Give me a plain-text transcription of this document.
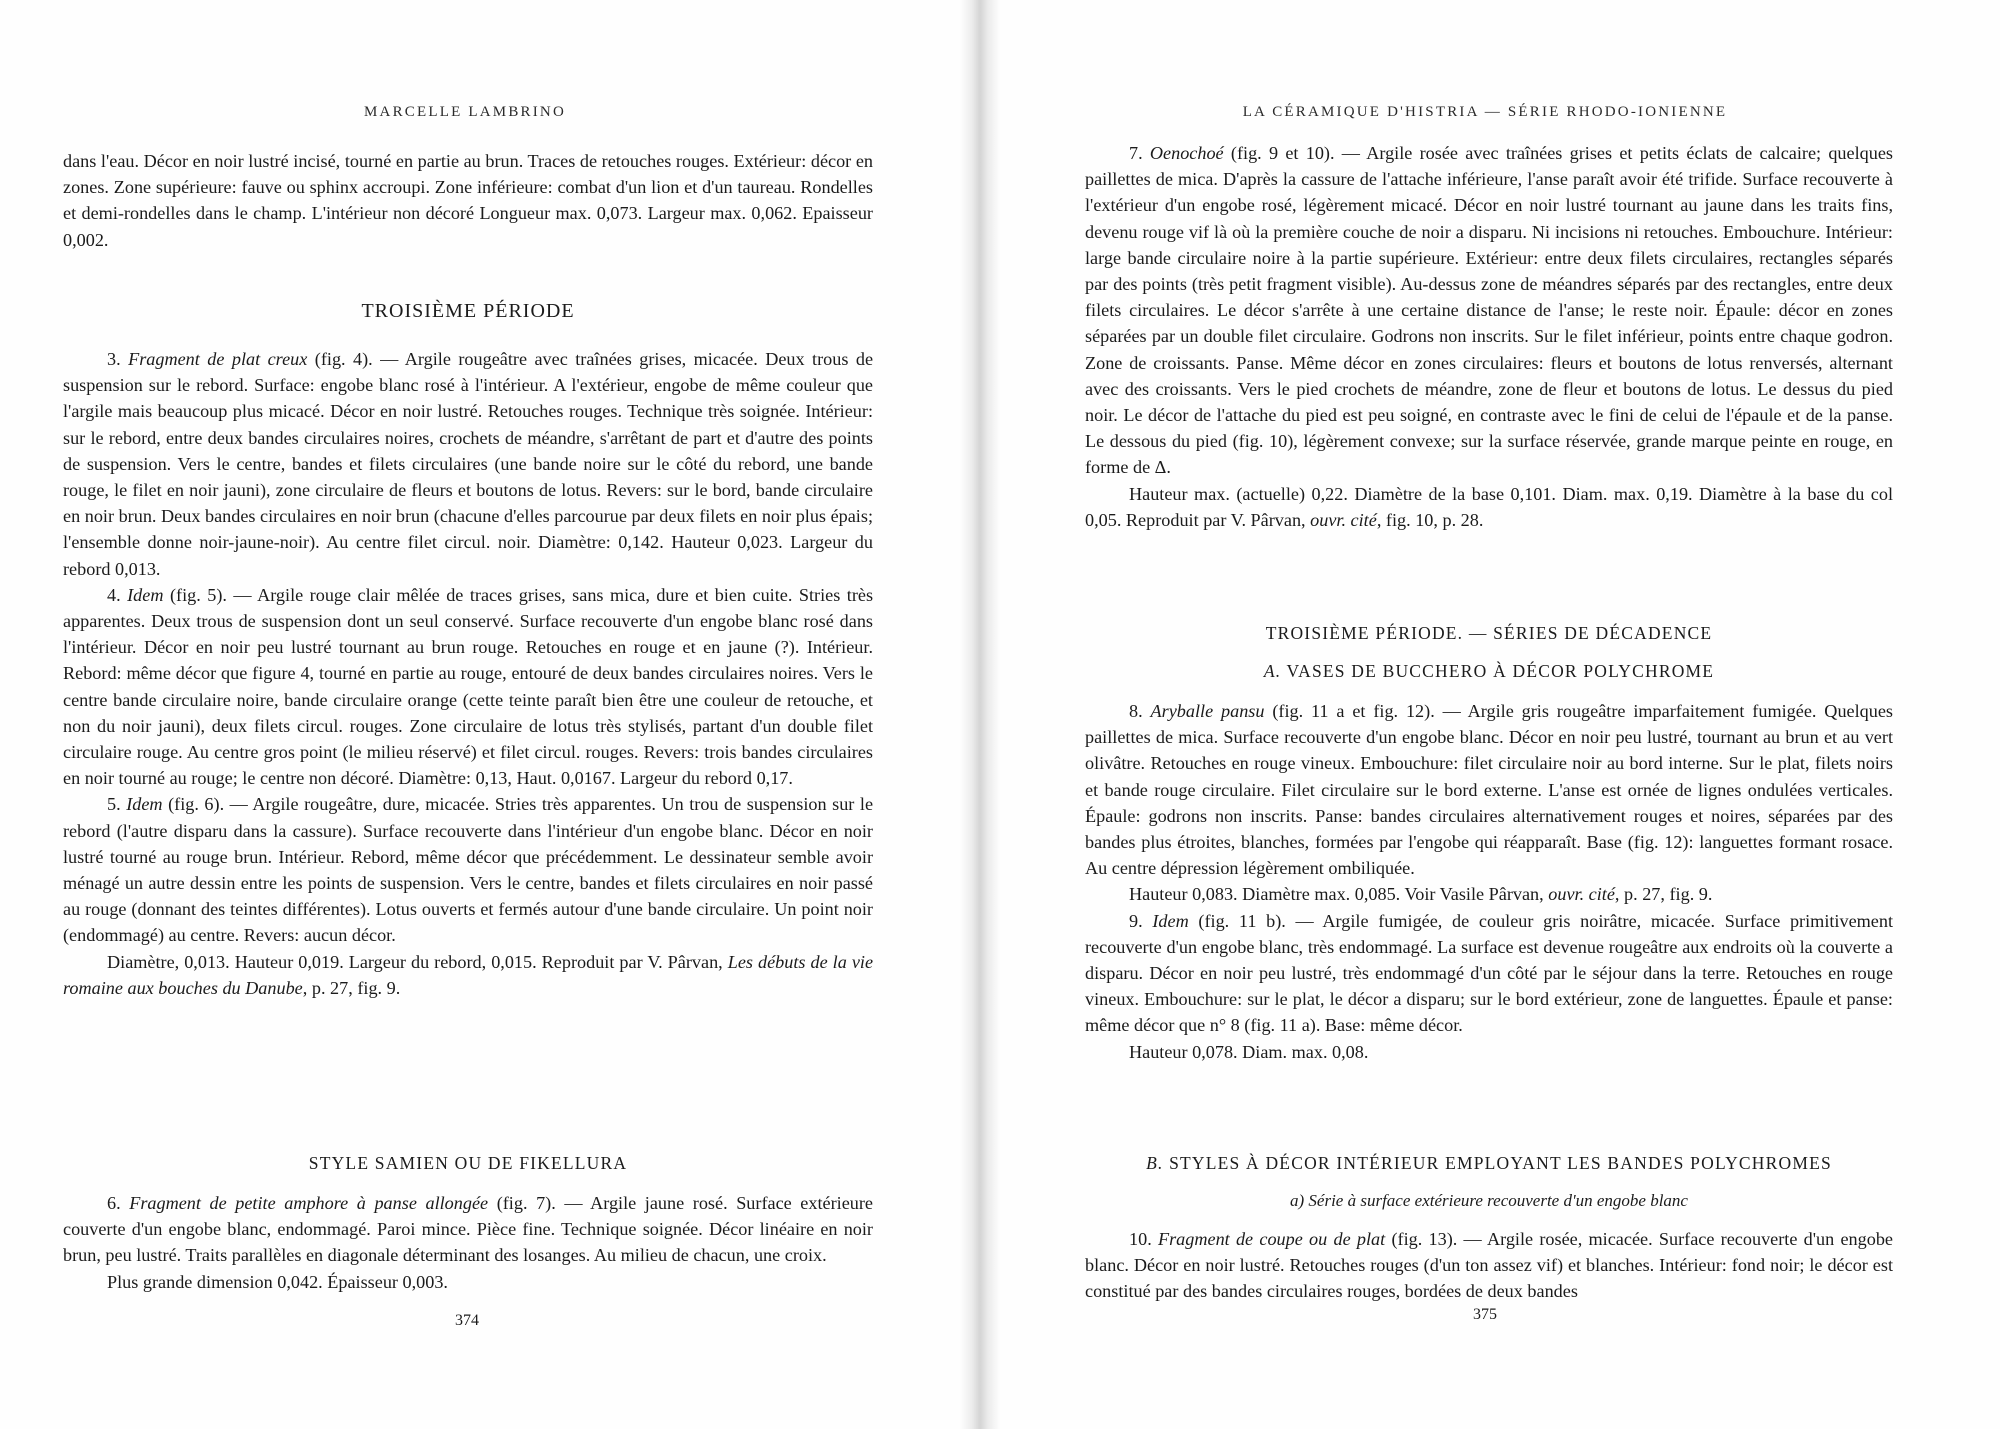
MARCELLE LAMBRINO

dans l'eau. Décor en noir lustré incisé, tourné en partie au brun. Traces de retouches rouges. Extérieur: décor en zones. Zone supérieure: fauve ou sphinx accroupi. Zone inférieure: combat d'un lion et d'un taureau. Rondelles et demi-rondelles dans le champ. L'intérieur non décoré Longueur max. 0,073. Largeur max. 0,062. Epaisseur 0,002.

TROISIÈME PÉRIODE

3. Fragment de plat creux (fig. 4). — Argile rougeâtre avec traînées grises, micacée. Deux trous de suspension sur le rebord. Surface: engobe blanc rosé à l'intérieur. A l'extérieur, engobe de même couleur que l'argile mais beaucoup plus micacé. Décor en noir lustré. Retouches rouges. Technique très soignée. Intérieur: sur le rebord, entre deux bandes circulaires noires, crochets de méandre, s'arrêtant de part et d'autre des points de suspension. Vers le centre, bandes et filets circulaires (une bande noire sur le côté du rebord, une bande rouge, le filet en noir jauni), zone circulaire de fleurs et boutons de lotus. Revers: sur le bord, bande circulaire en noir brun. Deux bandes circulaires en noir brun (chacune d'elles parcourue par deux filets en noir plus épais; l'ensemble donne noir-jaune-noir). Au centre filet circul. noir. Diamètre: 0,142. Hauteur 0,023. Largeur du rebord 0,013.

4. Idem (fig. 5). — Argile rouge clair mêlée de traces grises, sans mica, dure et bien cuite. Stries très apparentes. Deux trous de suspension dont un seul conservé. Surface recouverte d'un engobe blanc rosé dans l'intérieur. Décor en noir peu lustré tournant au brun rouge. Retouches en rouge et en jaune (?). Intérieur. Rebord: même décor que figure 4, tourné en partie au rouge, entouré de deux bandes circulaires noires. Vers le centre bande circulaire noire, bande circulaire orange (cette teinte paraît bien être une couleur de retouche, et non du noir jauni), deux filets circul. rouges. Zone circulaire de lotus très stylisés, partant d'un double filet circulaire rouge. Au centre gros point (le milieu réservé) et filet circul. rouges. Revers: trois bandes circulaires en noir tourné au rouge; le centre non décoré. Diamètre: 0,13, Haut. 0,0167. Largeur du rebord 0,17.

5. Idem (fig. 6). — Argile rougeâtre, dure, micacée. Stries très apparentes. Un trou de suspension sur le rebord (l'autre disparu dans la cassure). Surface recouverte dans l'intérieur d'un engobe blanc. Décor en noir lustré tourné au rouge brun. Intérieur. Rebord, même décor que précédemment. Le dessinateur semble avoir ménagé un autre dessin entre les points de suspension. Vers le centre, bandes et filets circulaires en noir passé au rouge (donnant des teintes différentes). Lotus ouverts et fermés autour d'une bande circulaire. Un point noir (endommagé) au centre. Revers: aucun décor.

Diamètre, 0,013. Hauteur 0,019. Largeur du rebord, 0,015. Reproduit par V. Pârvan, Les débuts de la vie romaine aux bouches du Danube, p. 27, fig. 9.

STYLE SAMIEN OU DE FIKELLURA

6. Fragment de petite amphore à panse allongée (fig. 7). — Argile jaune rosé. Surface extérieure couverte d'un engobe blanc, endommagé. Paroi mince. Pièce fine. Technique soignée. Décor linéaire en noir brun, peu lustré. Traits parallèles en diagonale déterminant des losanges. Au milieu de chacun, une croix.

Plus grande dimension 0,042. Épaisseur 0,003.

374
LA CÉRAMIQUE D'HISTRIA — SÉRIE RHODO-IONIENNE

7. Oenochoé (fig. 9 et 10). — Argile rosée avec traînées grises et petits éclats de calcaire; quelques paillettes de mica. D'après la cassure de l'attache inférieure, l'anse paraît avoir été trifide. Surface recouverte à l'extérieur d'un engobe rosé, légèrement micacé. Décor en noir lustré tournant au jaune dans les traits fins, devenu rouge vif là où la première couche de noir a disparu. Ni incisions ni retouches. Embouchure. Intérieur: large bande circulaire noire à la partie supérieure. Extérieur: entre deux filets circulaires, rectangles séparés par des points (très petit fragment visible). Au-dessus zone de méandres séparés par des rectangles, entre deux filets circulaires. Le décor s'arrête à une certaine distance de l'anse; le reste noir. Épaule: décor en zones séparées par un double filet circulaire. Godrons non inscrits. Sur le filet inférieur, points entre chaque godron. Zone de croissants. Panse. Même décor en zones circulaires: fleurs et boutons de lotus renversés, alternant avec des croissants. Vers le pied crochets de méandre, zone de fleur et boutons de lotus. Le dessus du pied noir. Le décor de l'attache du pied est peu soigné, en contraste avec le fini de celui de l'épaule et de la panse. Le dessous du pied (fig. 10), légèrement convexe; sur la surface réservée, grande marque peinte en rouge, en forme de Δ.

Hauteur max. (actuelle) 0,22. Diamètre de la base 0,101. Diam. max. 0,19. Diamètre à la base du col 0,05. Reproduit par V. Pârvan, ouvr. cité, fig. 10, p. 28.

TROISIÈME PÉRIODE. — SÉRIES DE DÉCADENCE

A. VASES DE BUCCHERO À DÉCOR POLYCHROME

8. Aryballe pansu (fig. 11 a et fig. 12). — Argile gris rougeâtre imparfaitement fumigée. Quelques paillettes de mica. Surface recouverte d'un engobe blanc. Décor en noir peu lustré, tournant au brun et au vert olivâtre. Retouches en rouge vineux. Embouchure: filet circulaire noir au bord interne. Sur le plat, filets noirs et bande rouge circulaire. Filet circulaire sur le bord externe. L'anse est ornée de lignes ondulées verticales. Épaule: godrons non inscrits. Panse: bandes circulaires alternativement rouges et noires, séparées par des bandes plus étroites, blanches, formées par l'engobe qui réapparaît. Base (fig. 12): languettes formant rosace. Au centre dépression légèrement ombiliquée.

Hauteur 0,083. Diamètre max. 0,085. Voir Vasile Pârvan, ouvr. cité, p. 27, fig. 9.

9. Idem (fig. 11 b). — Argile fumigée, de couleur gris noirâtre, micacée. Surface primitivement recouverte d'un engobe blanc, très endommagé. La surface est devenue rougeâtre aux endroits où la couverte a disparu. Décor en noir peu lustré, très endommagé d'un côté par le séjour dans la terre. Retouches en rouge vineux. Embouchure: sur le plat, le décor a disparu; sur le bord extérieur, zone de languettes. Épaule et panse: même décor que n° 8 (fig. 11 a). Base: même décor.

Hauteur 0,078. Diam. max. 0,08.

B. STYLES À DÉCOR INTÉRIEUR EMPLOYANT LES BANDES POLYCHROMES

a) Série à surface extérieure recouverte d'un engobe blanc

10. Fragment de coupe ou de plat (fig. 13). — Argile rosée, micacée. Surface recouverte d'un engobe blanc. Décor en noir lustré. Retouches rouges (d'un ton assez vif) et blanches. Intérieur: fond noir; le décor est constitué par des bandes circulaires rouges, bordées de deux bandes

375
